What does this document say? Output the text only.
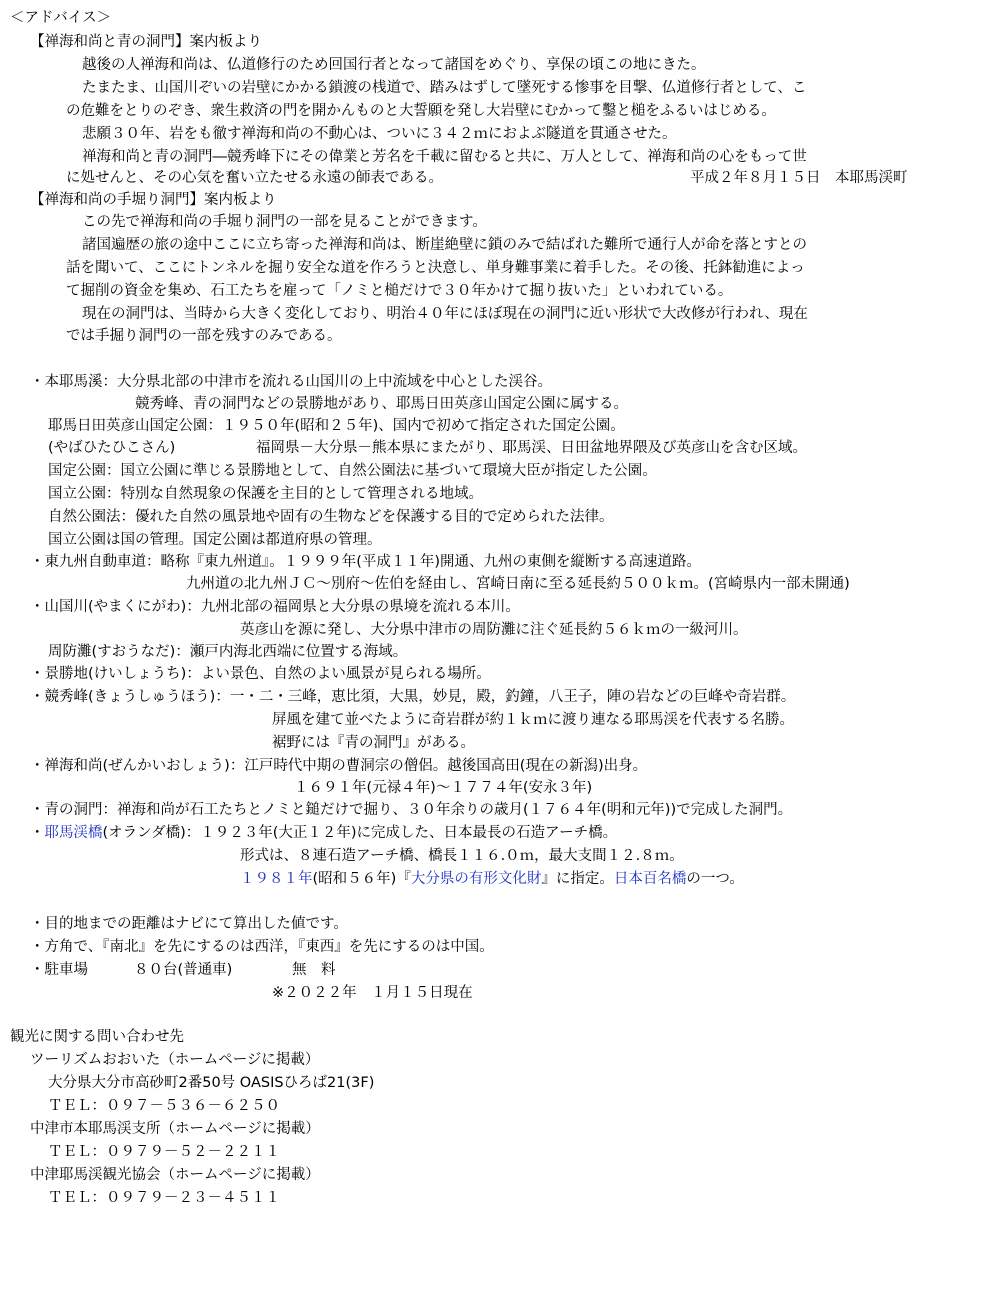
＜アドバイス＞
【禅海和尚と青の洞門】案内板より
越後の人禅海和尚は、仏道修行のため回国行者となって諸国をめぐり、享保の頃この地にきた。
たまたま、山国川ぞいの岩壁にかかる鎖渡の桟道で、踏みはずして墜死する惨事を目撃、仏道修行者として、こ
の危難をとりのぞき、衆生救済の門を開かんものと大誓願を発し大岩壁にむかって鑿と槌をふるいはじめる。
悲願３０年、岩をも徹す禅海和尚の不動心は、ついに３４２ｍにおよぶ隧道を貫通させた。
禅海和尚と青の洞門―競秀峰下にその偉業と芳名を千載に留むると共に、万人として、禅海和尚の心をもって世
に処せんと、その心気を奮い立たせる永遠の師表である。	平成２年８月１５日　本耶馬渓町
【禅海和尚の手堀り洞門】案内板より
この先で禅海和尚の手堀り洞門の一部を見ることができます。
諸国遍歴の旅の途中ここに立ち寄った禅海和尚は、断崖絶壁に鎖のみで結ばれた難所で通行人が命を落とすとの
話を聞いて、ここにトンネルを掘り安全な道を作ろうと決意し、単身難事業に着手した。その後、托鉢勧進によっ
て掘削の資金を集め、石工たちを雇って「ノミと槌だけで３０年かけて掘り抜いた」といわれている。
現在の洞門は、当時から大きく変化しており、明治４０年にほぼ現在の洞門に近い形状で大改修が行われ、現在
では手掘り洞門の一部を残すのみである。
・本耶馬溪：大分県北部の中津市を流れる山国川の上中流域を中心とした渓谷。
競秀峰、青の洞門などの景勝地があり、耶馬日田英彦山国定公園に属する。
耶馬日田英彦山国定公園：１９５０年(昭和２５年)、国内で初めて指定された国定公園。
(やばひたひこさん)	福岡県－大分県－熊本県にまたがり、耶馬渓、日田盆地界隈及び英彦山を含む区域。
国定公園：国立公園に準じる景勝地として、自然公園法に基づいて環境大臣が指定した公園。
国立公園：特別な自然現象の保護を主目的として管理される地域。
自然公園法：優れた自然の風景地や固有の生物などを保護する目的で定められた法律。
国立公園は国の管理。国定公園は都道府県の管理。
・東九州自動車道：略称『東九州道』。１９９９年(平成１１年)開通、九州の東側を縦断する高速道路。
九州道の北九州ＪＣ～別府～佐伯を経由し、宮崎日南に至る延長約５００ｋｍ。(宮崎県内一部未開通)
・山国川(やまくにがわ)：九州北部の福岡県と大分県の県境を流れる本川。
英彦山を源に発し、大分県中津市の周防灘に注ぐ延長約５６ｋｍの一級河川。
周防灘(すおうなだ)：瀬戸内海北西端に位置する海域。
・景勝地(けいしょうち)：よい景色、自然のよい風景が見られる場所。
・競秀峰(きょうしゅうほう)：一・二・三峰，恵比須，大黒，妙見，殿，釣鐘，八王子，陣の岩などの巨峰や奇岩群。
屏風を建て並べたように奇岩群が約１ｋｍに渡り連なる耶馬渓を代表する名勝。
裾野には『青の洞門』がある。
・禅海和尚(ぜんかいおしょう)：江戸時代中期の曹洞宗の僧侶。越後国高田(現在の新潟)出身。
１６９１年(元禄４年)～１７７４年(安永３年)
・青の洞門：禅海和尚が石工たちとノミと鎚だけで掘り、３０年余りの歳月(１７６４年(明和元年))で完成した洞門。
・耶馬渓橋(オランダ橋)：１９２３年(大正１２年)に完成した、日本最長の石造アーチ橋。
形式は、８連石造アーチ橋、橋長１１６.０ｍ，最大支間１２.８ｍ。
１９８１年(昭和５６年)『大分県の有形文化財』に指定。日本百名橋の一つ。
・目的地までの距離はナビにて算出した値です。
・方角で、『南北』を先にするのは西洋，『東西』を先にするのは中国。
・駐車場	８０台(普通車)	無　料
※２０２２年　１月１５日現在
観光に関する問い合わせ先
ツーリズムおおいた（ホームページに掲載）
大分県大分市高砂町2番50号 OASISひろば21(3F)
ＴＥＬ：０９７－５３６－６２５０
中津市本耶馬渓支所（ホームページに掲載）
ＴＥＬ：０９７９－５２－２２１１
中津耶馬渓観光協会（ホームページに掲載）
ＴＥＬ：０９７９－２３－４５１１
